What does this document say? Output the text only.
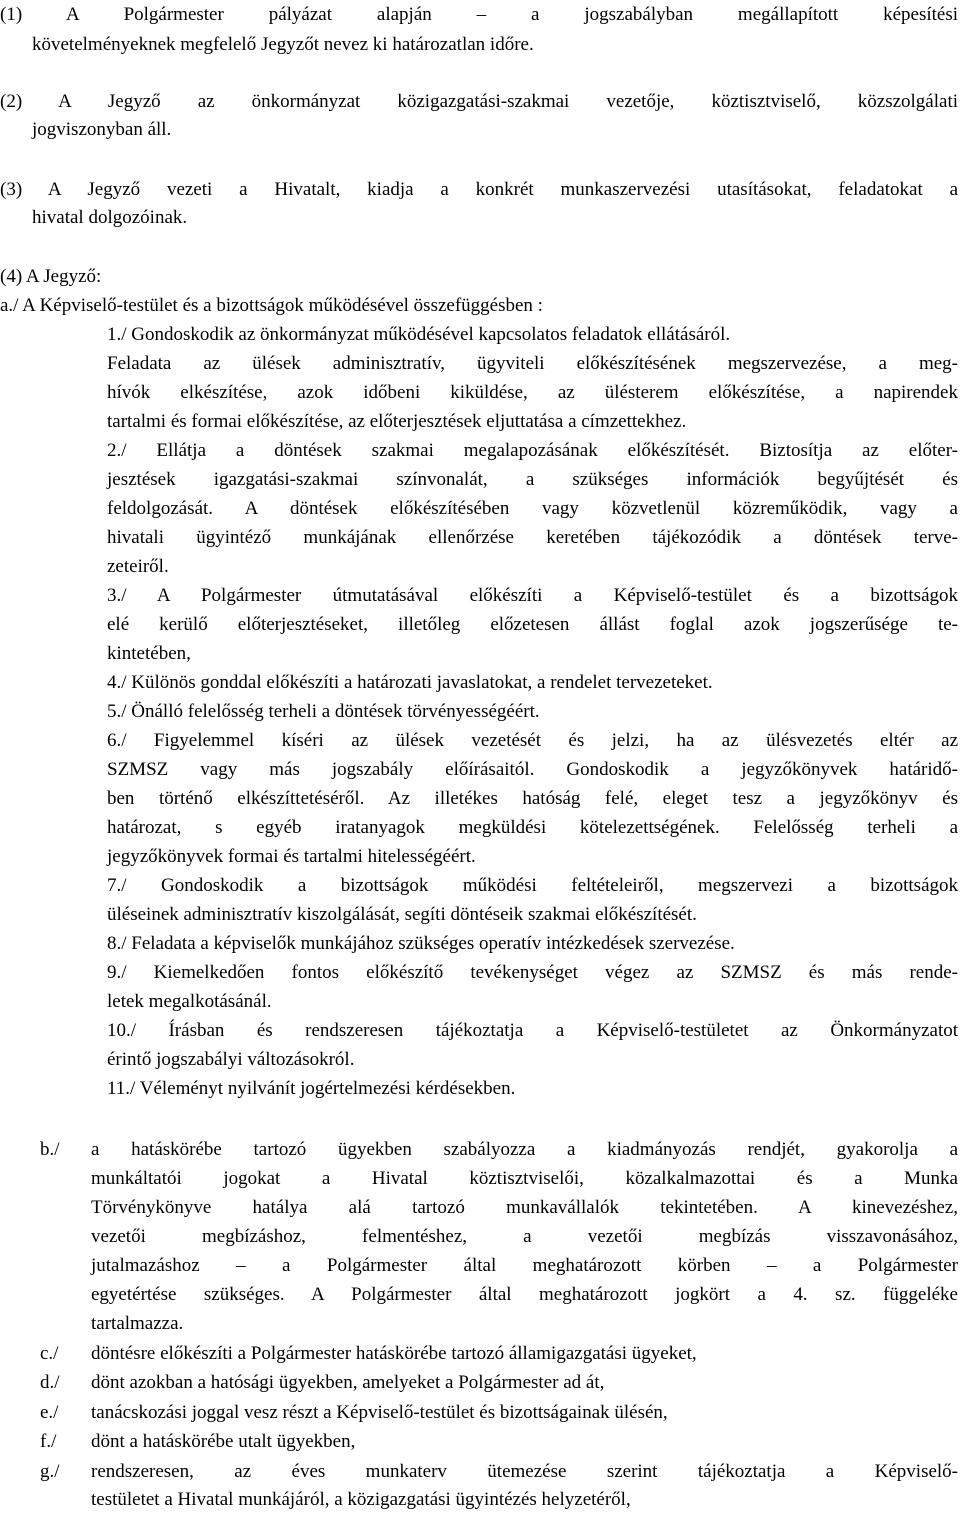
(1) A Polgármester pályázat alapján – a jogszabályban megállapított képesítési
követelményeknek megfelelő Jegyzőt nevez ki határozatlan időre.
(2) A Jegyző az önkormányzat közigazgatási-szakmai vezetője, köztisztviselő, közszolgálati
jogviszonyban áll.
(3) A Jegyző vezeti a Hivatalt, kiadja a konkrét munkaszervezési utasításokat, feladatokat a
hivatal dolgozóinak.
(4) A Jegyző:
a./ A Képviselő-testület és a bizottságok működésével összefüggésben :
1./ Gondoskodik az önkormányzat működésével kapcsolatos feladatok ellátásáról.
Feladata az ülések adminisztratív, ügyviteli előkészítésének megszervezése, a meg-
hívók elkészítése, azok időbeni kiküldése, az ülésterem előkészítése, a napirendek
tartalmi és formai előkészítése, az előterjesztések eljuttatása a címzettekhez.
2./ Ellátja a döntések szakmai megalapozásának előkészítését. Biztosítja az előter-
jesztések igazgatási-szakmai színvonalát, a szükséges információk begyűjtését és
feldolgozását. A döntések előkészítésében vagy közvetlenül közreműködik, vagy a
hivatali ügyintéző munkájának ellenőrzése keretében tájékozódik a döntések terve-
zeteiről.
3./ A Polgármester útmutatásával előkészíti a Képviselő-testület és a bizottságok
elé kerülő előterjesztéseket, illetőleg előzetesen állást foglal azok jogszerűsége te-
kintetében,
4./ Különös gonddal előkészíti a határozati javaslatokat, a rendelet tervezeteket.
5./ Önálló felelősség terheli a döntések törvényességéért.
6./ Figyelemmel kíséri az ülések vezetését és jelzi, ha az ülésvezetés eltér az
SZMSZ vagy más jogszabály előírásaitól. Gondoskodik a jegyzőkönyvek határidő-
ben történő elkészíttetéséről. Az illetékes hatóság felé, eleget tesz a jegyzőkönyv és
határozat, s egyéb iratanyagok megküldési kötelezettségének. Felelősség terheli a
jegyzőkönyvek formai és tartalmi hitelességéért.
7./ Gondoskodik a bizottságok működési feltételeiről, megszervezi a bizottságok
üléseinek adminisztratív kiszolgálását, segíti döntéseik szakmai előkészítését.
8./ Feladata a képviselők munkájához szükséges operatív intézkedések szervezése.
9./ Kiemelkedően fontos előkészítő tevékenységet végez az SZMSZ és más rende-
letek megalkotásánál.
10./ Írásban és rendszeresen tájékoztatja a Képviselő-testületet az Önkormányzatot
érintő jogszabályi változásokról.
11./ Véleményt nyilvánít jogértelmezési kérdésekben.
b./ a hatáskörébe tartozó ügyekben szabályozza a kiadmányozás rendjét, gyakorolja a
munkáltatói jogokat a Hivatal köztisztviselői, közalkalmazottai és a Munka
Törvénykönyve hatálya alá tartozó munkavállalók tekintetében. A kinevezéshez,
vezetői megbízáshoz, felmentéshez, a vezetői megbízás visszavonásához,
jutalmazáshoz – a Polgármester által meghatározott körben – a Polgármester
egyetértése szükséges. A Polgármester által meghatározott jogkört a 4. sz. függeléke
tartalmazza.
c./ döntésre előkészíti a Polgármester hatáskörébe tartozó államigazgatási ügyeket,
d./ dönt azokban a hatósági ügyekben, amelyeket a Polgármester ad át,
e./ tanácskozási joggal vesz részt a Képviselő-testület és bizottságainak ülésén,
f./ dönt a hatáskörébe utalt ügyekben,
g./ rendszeresen, az éves munkaterv ütemezése szerint tájékoztatja a Képviselő-
testületet a Hivatal munkájáról, a közigazgatási ügyintézés helyzetéről,
